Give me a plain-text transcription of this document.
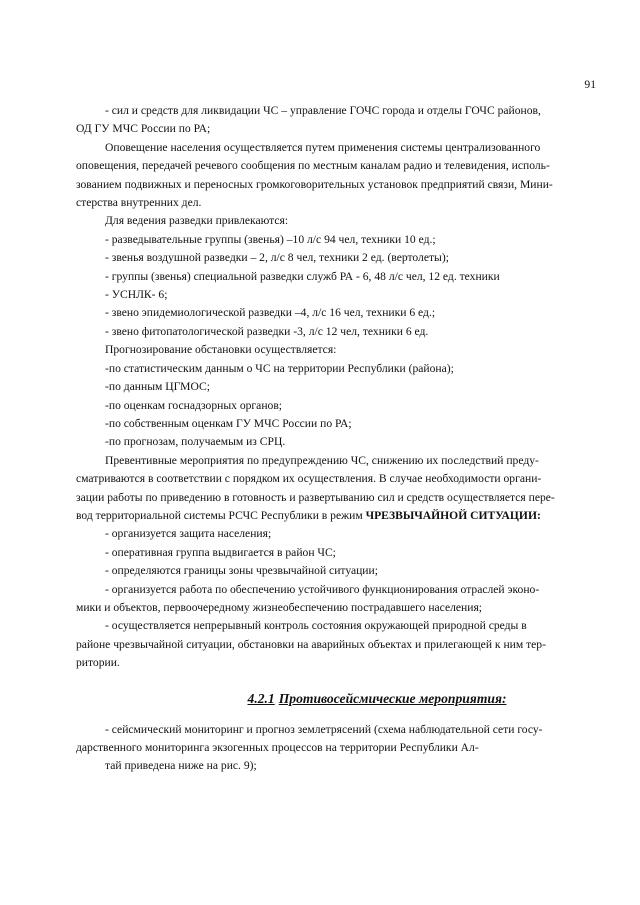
91

- сил и средств для ликвидации ЧС – управление ГОЧС города и отделы ГОЧС районов,

ОД ГУ МЧС России по РА;

Оповещение населения осуществляется путем применения системы централизованного

оповещения, передачей речевого сообщения по местным каналам радио и телевидения, исполь-

зованием подвижных и переносных громкоговорительных установок предприятий связи, Мини-

стерства внутренних дел.

Для ведения разведки привлекаются:

- разведывательные группы (звенья) –10 л/с 94 чел, техники 10 ед.;

- звенья воздушной разведки – 2, л/с 8 чел, техники 2 ед. (вертолеты);

- группы (звенья) специальной разведки служб РА - 6, 48 л/с чел, 12 ед. техники

- УСНЛК- 6;

- звено эпидемиологической разведки –4, л/с 16 чел, техники 6 ед.;

- звено фитопатологической разведки -3, л/с 12 чел, техники 6 ед.

Прогнозирование обстановки осуществляется:

-по статистическим данным о ЧС на территории Республики (района);

-по данным ЦГМОС;

-по оценкам госнадзорных органов;

-по собственным оценкам ГУ МЧС России по РА;

-по прогнозам, получаемым из СРЦ.

Превентивные мероприятия по предупреждению ЧС, снижению их последствий преду-

сматриваются в соответствии с порядком их осуществления. В случае необходимости органи-

зации работы по приведению в готовность и развертыванию сил и средств осуществляется пере-

вод территориальной системы РСЧС Республики в режим ЧРЕЗВЫЧАЙНОЙ СИТУАЦИИ:

- организуется защита населения;

- оперативная группа выдвигается в район ЧС;

- определяются границы зоны чрезвычайной ситуации;

- организуется работа по обеспечению устойчивого функционирования отраслей эконо-

мики и объектов, первоочередному жизнеобеспечению пострадавшего населения;

- осуществляется непрерывный контроль состояния окружающей природной среды в

районе чрезвычайной ситуации, обстановки на аварийных объектах и прилегающей к ним тер-

ритории.

4.2.1 Противосейсмические мероприятия:

- сейсмический мониторинг и прогноз землетрясений (схема наблюдательной сети госу-

дарственного мониторинга экзогенных процессов на территории Республики Ал-

тай приведена ниже на рис. 9);
